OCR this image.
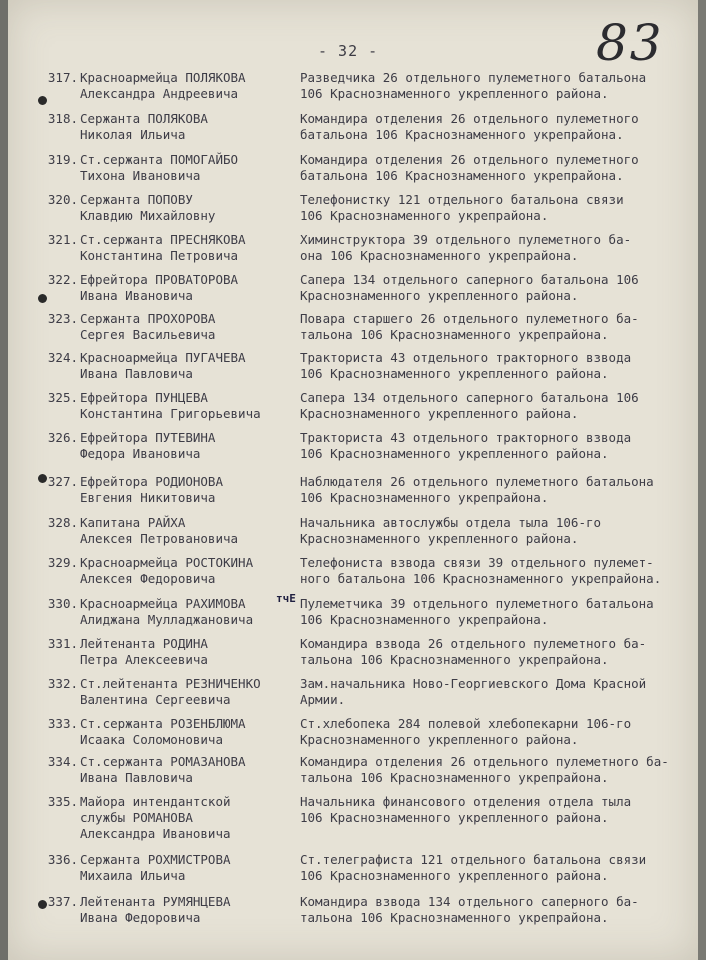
- 32 -	83
317. Красноармейца ПОЛЯКОВА
Александра Андреевича
Разведчика 26 отдельного пулеметного батальона
106 Краснознаменного укрепленного района.
318. Сержанта ПОЛЯКОВА
Николая Ильича
Командира отделения 26 отдельного пулеметного
батальона 106 Краснознаменного укрепрайона.
319. Ст.сержанта ПОМОГАЙБО
Тихона Ивановича
Командира отделения 26 отдельного пулеметного
батальона 106 Краснознаменного укрепрайона.
320. Сержанта ПОПОВУ
Клавдию Михайловну
Телефонистку 121 отдельного батальона связи
106 Краснознаменного укрепрайона.
321. Ст.сержанта ПРЕСНЯКОВА
Константина Петровича
Химинструктора 39 отдельного пулеметного ба-
она 106 Краснознаменного укрепрайона.
322. Ефрейтора ПРОВАТОРОВА
Ивана Ивановича
Сапера 134 отдельного саперного батальона 106
Краснознаменного укрепленного района.
323. Сержанта ПРОХОРОВА
Сергея Васильевича
Повара старшего 26 отдельного пулеметного ба-
тальона 106 Краснознаменного укрепрайона.
324. Красноармейца ПУГАЧЕВА
Ивана Павловича
Тракториста 43 отдельного тракторного взвода
106 Краснознаменного укрепленного района.
325. Ефрейтора ПУНЦЕВА
Константина Григорьевича
Сапера 134 отдельного саперного батальона 106
Краснознаменного укрепленного района.
326. Ефрейтора ПУТЕВИНА
Федора Ивановича
Тракториста 43 отдельного тракторного взвода
106 Краснознаменного укрепленного района.
327. Ефрейтора РОДИОНОВА
Евгения Никитовича
Наблюдателя 26 отдельного пулеметного батальона
106 Краснознаменного укрепрайона.
328. Капитана РАЙХА
Алексея Петровановича
Начальника автослужбы отдела тыла 106-го
Краснознаменного укрепленного района.
329. Красноармейца РОСТОКИНА
Алексея Федоровича
Телефониста взвода связи 39 отдельного пулемет-
ного батальона 106 Краснознаменного укрепрайона.
330. Красноармейца РАХИМОВА
Алиджана Мулладжановича
Пулеметчика 39 отдельного пулеметного батальона
106 Краснознаменного укрепрайона.
тчЕ
331. Лейтенанта РОДИНА
Петра Алексеевича
Командира взвода 26 отдельного пулеметного ба-
тальона 106 Краснознаменного укрепрайона.
332. Ст.лейтенанта РЕЗНИЧЕНКО
Валентина Сергеевича
Зам.начальника Ново-Георгиевского Дома Красной
Армии.
333. Ст.сержанта РОЗЕНБЛЮМА
Исаака Соломоновича
Ст.хлебопека 284 полевой хлебопекарни 106-го
Краснознаменного укрепленного района.
334. Ст.сержанта РОМАЗАНОВА
Ивана Павловича
Командира отделения 26 отдельного пулеметного ба-
тальона 106 Краснознаменного укрепрайона.
335. Майора интендантской
службы РОМАНОВА
Александра Ивановича
Начальника финансового отделения отдела тыла
106 Краснознаменного укрепленного района.
336. Сержанта РОХМИСТРОВА
Михаила Ильича
Ст.телеграфиста 121 отдельного батальона связи
106 Краснознаменного укрепленного района.
337. Лейтенанта РУМЯНЦЕВА
Ивана Федоровича
Командира взвода 134 отдельного саперного ба-
тальона 106 Краснознаменного укрепрайона.
